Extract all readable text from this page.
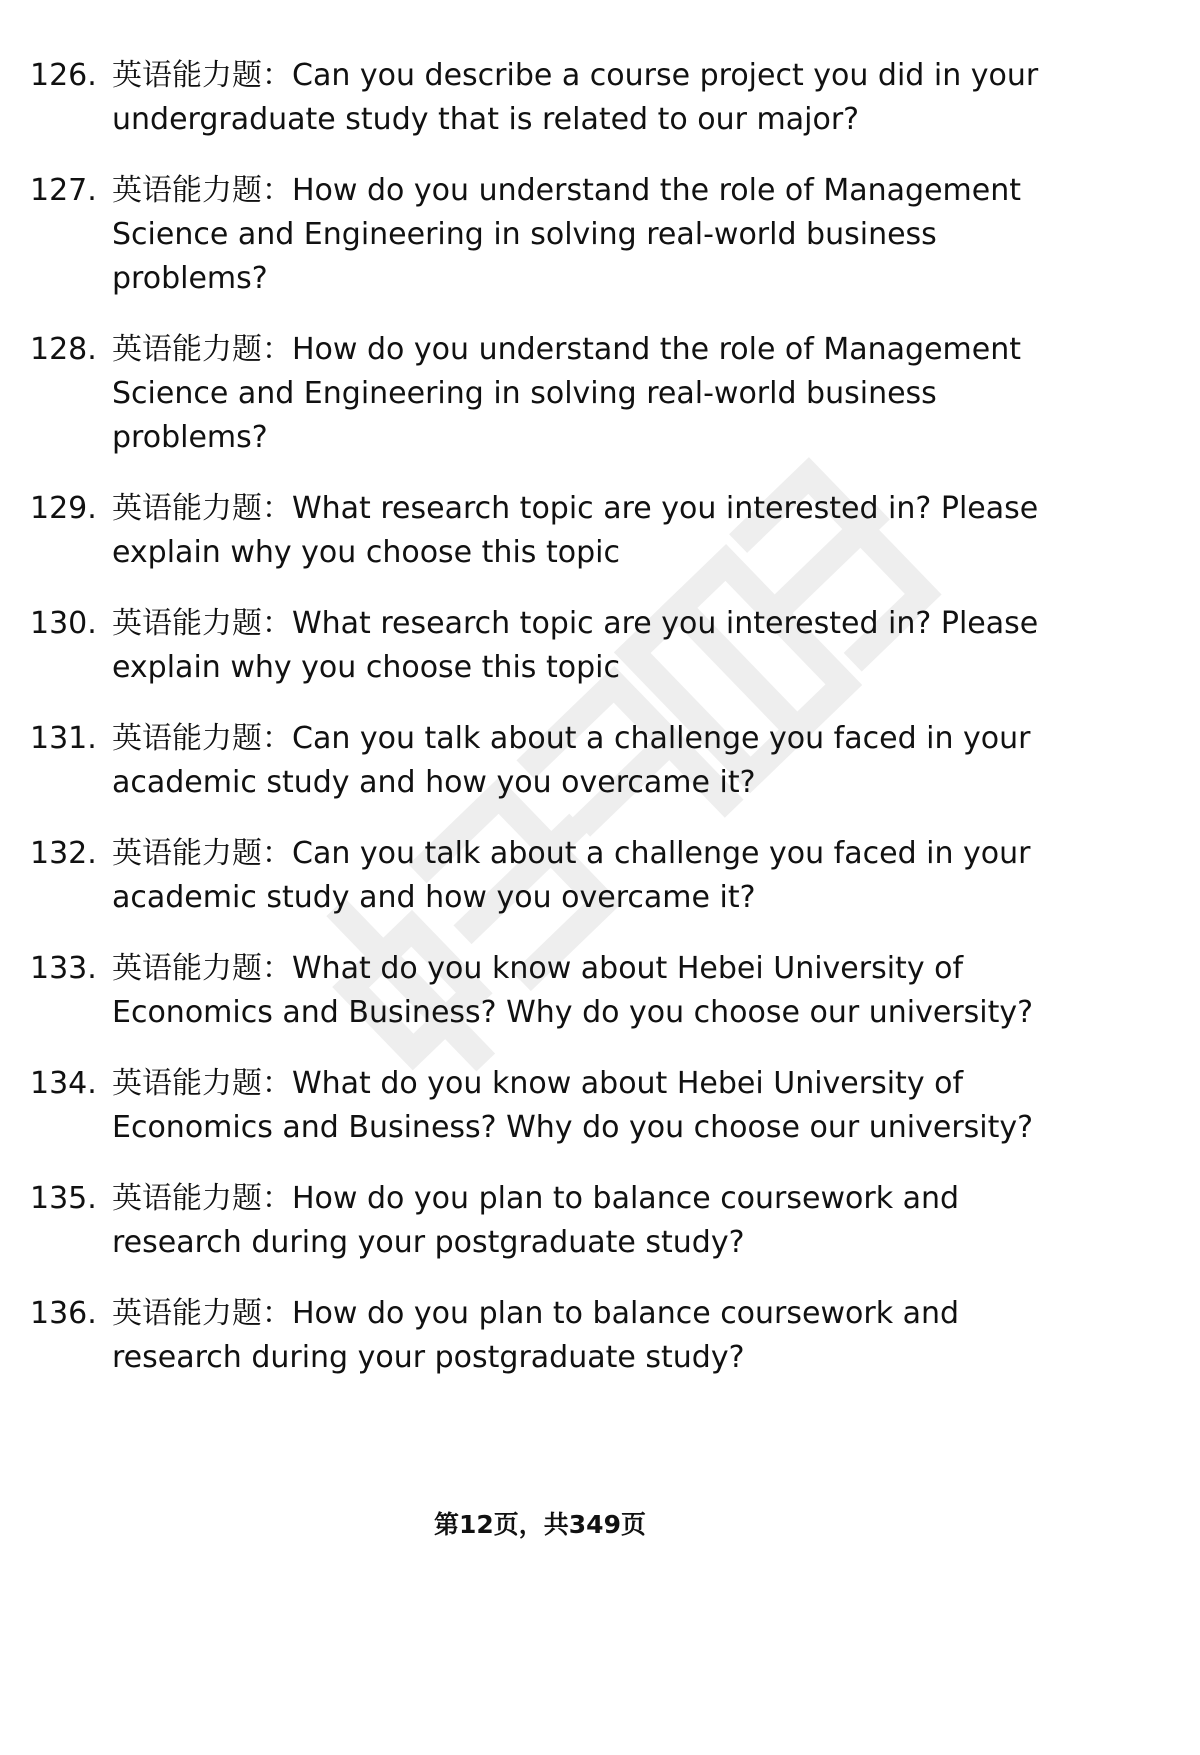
126. 英语能力题：Can you describe a course project you did in your undergraduate study that is related to our major?
127. 英语能力题：How do you understand the role of Management Science and Engineering in solving real-world business problems?
128. 英语能力题：How do you understand the role of Management Science and Engineering in solving real-world business problems?
129. 英语能力题：What research topic are you interested in? Please explain why you choose this topic
130. 英语能力题：What research topic are you interested in? Please explain why you choose this topic
131. 英语能力题：Can you talk about a challenge you faced in your academic study and how you overcame it?
132. 英语能力题：Can you talk about a challenge you faced in your academic study and how you overcame it?
133. 英语能力题：What do you know about Hebei University of Economics and Business? Why do you choose our university?
134. 英语能力题：What do you know about Hebei University of Economics and Business? Why do you choose our university?
135. 英语能力题：How do you plan to balance coursework and research during your postgraduate study?
136. 英语能力题：How do you plan to balance coursework and research during your postgraduate study?
第12页，共349页
